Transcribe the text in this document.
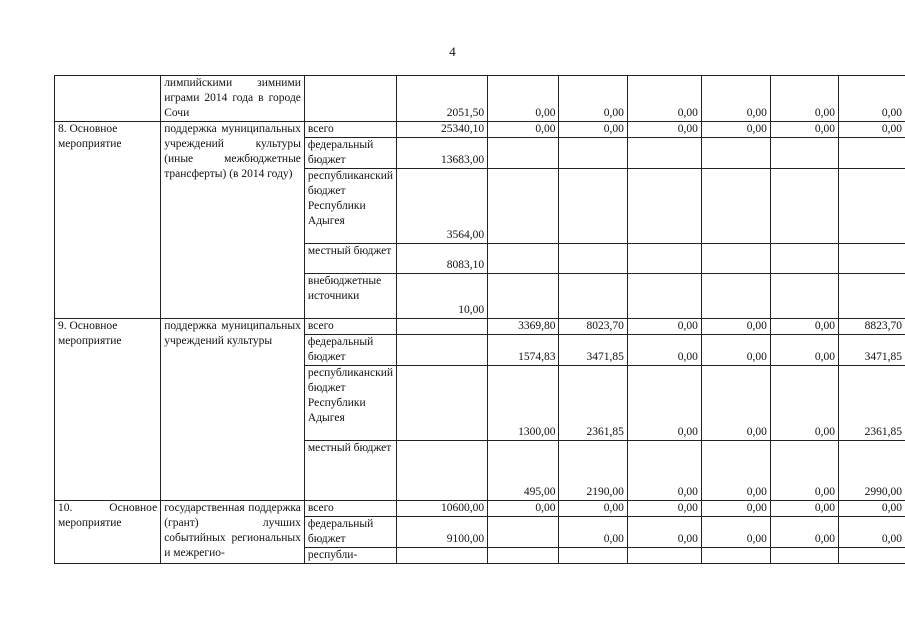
4
	лимпийскими зимними играми 2014 года в городе Сочи		2051,50	0,00	0,00	0,00	0,00	0,00	0,00
8. Основное мероприятие	поддержка муниципальных учреждений культуры (иные межбюджетные трансферты) (в 2014 году)	всего	25340,10	0,00	0,00	0,00	0,00	0,00	0,00
		федеральный бюджет	13683,00						
		республиканский бюджет Республики Адыгея	3564,00						
		местный бюджет	8083,10						
		внебюджетные источники	10,00						
9. Основное мероприятие	поддержка муниципальных учреждений культуры	всего		3369,80	8023,70	0,00	0,00	0,00	8823,70
		федеральный бюджет		1574,83	3471,85	0,00	0,00	0,00	3471,85
		республиканский бюджет Республики Адыгея		1300,00	2361,85	0,00	0,00	0,00	2361,85
		местный бюджет		495,00	2190,00	0,00	0,00	0,00	2990,00
10. Основное мероприятие	государственная поддержка (грант) лучших событийных региональных и межрегио-	всего	10600,00	0,00	0,00	0,00	0,00	0,00	0,00
		федеральный бюджет	9100,00		0,00	0,00	0,00	0,00	0,00
		республи-							
